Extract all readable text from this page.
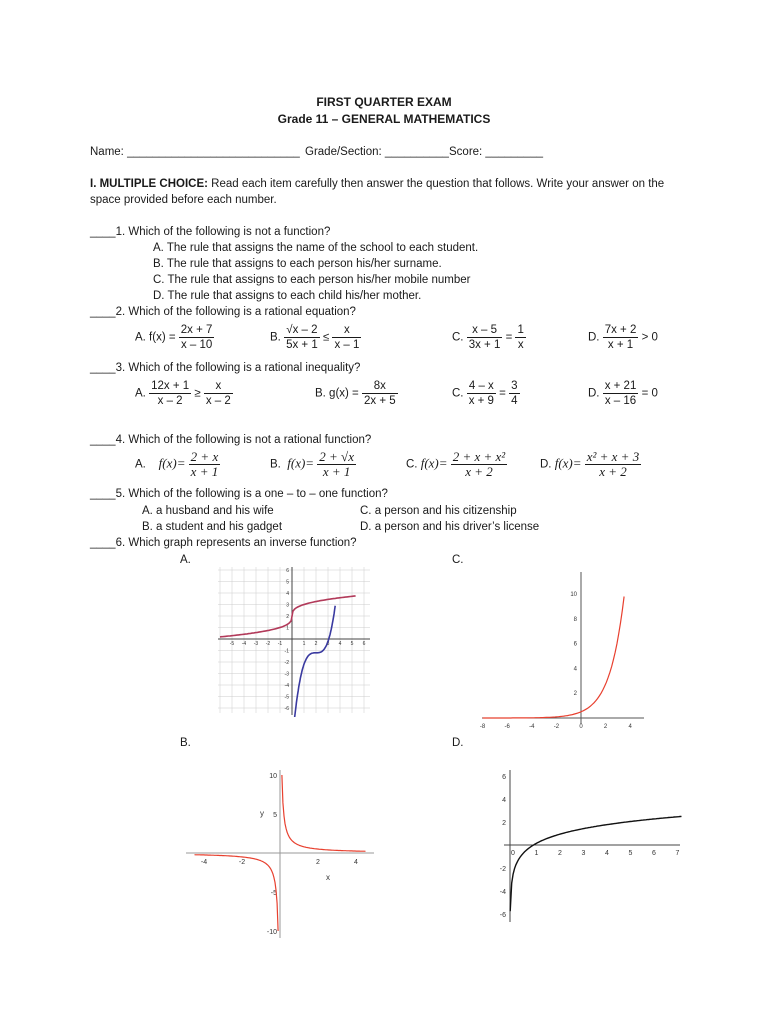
FIRST QUARTER EXAM
Grade 11 – GENERAL MATHEMATICS
Name: ___________________________ Grade/Section: __________ Score: _________
I. MULTIPLE CHOICE: Read each item carefully then answer the question that follows. Write your answer on the
space provided before each number.
____1. Which of the following is not a function?
A. The rule that assigns the name of the school to each student.
B. The rule that assigns to each person his/her surname.
C. The rule that assigns to each person his/her mobile number
D. The rule that assigns to each child his/her mother.
____2. Which of the following is a rational equation?
A. $f(x) = \frac{2x + 7}{x - 10}$	B. $\frac{√x - 2}{5x + 1} \le \frac{x}{x - 1}$	C. $\frac{x - 5}{3x + 1} = \frac{1}{x}$	D. $\frac{7x + 2}{x + 1} > 0$
____3. Which of the following is a rational inequality?
A. $\frac{12x + 1}{x - 2} \ge \frac{x}{x - 2}$	B. $g(x) = \frac{8x}{2x + 5}$	C. $\frac{4 - x}{x + 9} = \frac{3}{4}$	D. $\frac{x + 21}{x - 16} = 0$
____4. Which of the following is not a rational function?
A. $f(x)= \frac{2 + x}{x + 1}$	B. $f(x)= \frac{2 + √x}{x + 1}$	C. $f(x)= \frac{\text{2 + x + x²}}{x + 2}$	D. $f(x)= \frac{\text{x² + x + 3}}{x + 2}$
____5. Which of the following is a one – to – one function?
A. a husband and his wife
B. a student and his gadget
C. a person and his citizenship
D. a person and his driver’s license
____6. Which graph represents an inverse function?
A.	C.
B.	D.
-5 -4 -3 -2 -1	1 2 3 4 5 6
6
5
4
3
2
1
-1
-2
-3
-4
-5
-6
-8	-6	-4	-2	0	2	4
10
8
6
4
2
-4	-2	2	4
10
5
-5
-10
y
x
0	1	2	3	4	5	6	7
6
4
2
-2
-4
-6
